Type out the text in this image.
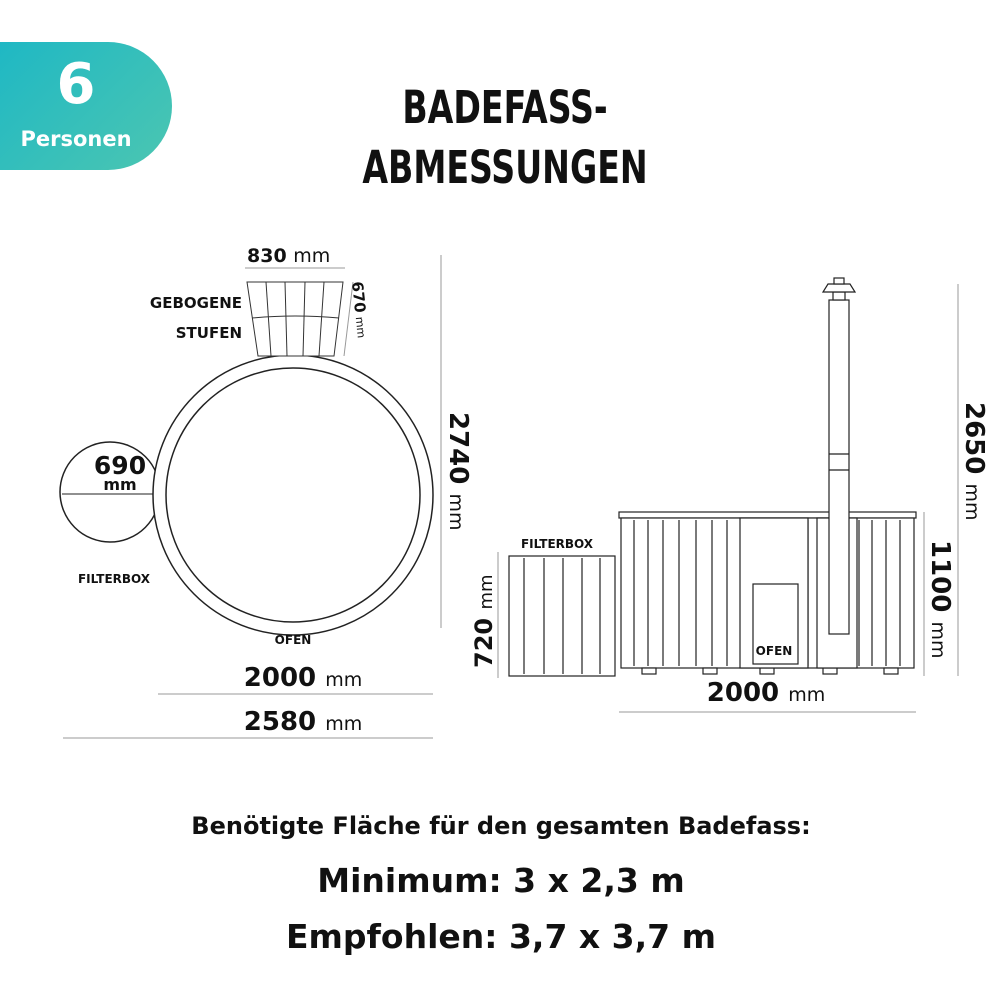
6
Personen
BADEFASS-ABMESSUNGEN
830 mm
670mm
GEBOGENE
STUFEN
690
mm
FILTERBOX
OFEN
2000 mm
2580 mm
2740 mm
FILTERBOX
OFEN
720 mm
2000 mm
1100 mm
2650 mm
Benötigte Fläche für den gesamten Badefass:
Minimum: 3 x 2,3 m
Empfohlen: 3,7 x 3,7 m
